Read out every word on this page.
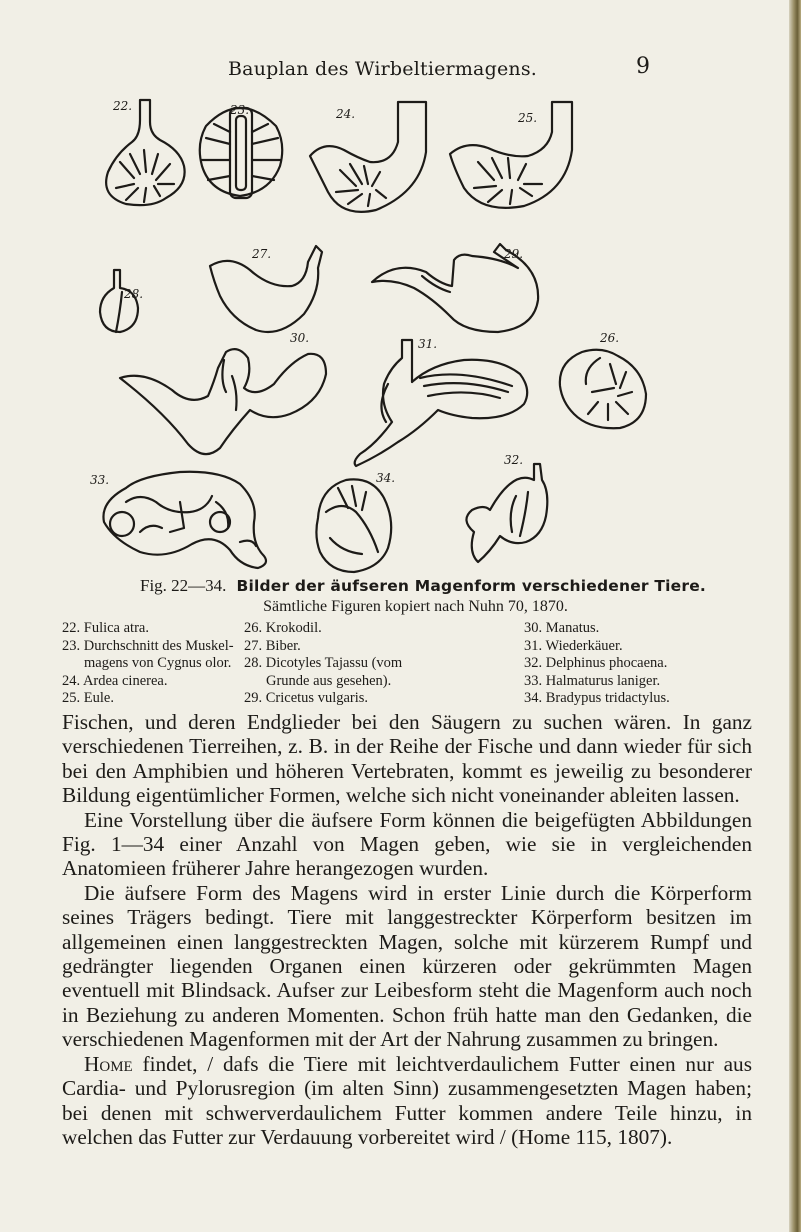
Bauplan des Wirbeltiermagens.	9
22.	23.	24.	25.
28.
27.	29.
30.	31.	26.
33.	34.
32.
Fig. 22—34. Bilder der äufseren Magenform verschiedener Tiere.
Sämtliche Figuren kopiert nach Nuhn 70, 1870.
22. Fulica atra.
23. Durchschnitt des Muskel-
magens von Cygnus olor.
24. Ardea cinerea.
25. Eule.
26. Krokodil.
27. Biber.
28. Dicotyles Tajassu (vom
Grunde aus gesehen).
29. Cricetus vulgaris.
30. Manatus.
31. Wiederkäuer.
32. Delphinus phocaena.
33. Halmaturus laniger.
34. Bradypus tridactylus.

Fischen, und deren Endglieder bei den Säugern zu suchen wären. In ganz verschiedenen Tierreihen, z. B. in der Reihe der Fische und dann wieder für sich bei den Amphibien und höheren Vertebraten, kommt es jeweilig zu besonderer Bildung eigentümlicher Formen, welche sich nicht voneinander ableiten lassen.

Eine Vorstellung über die äufsere Form können die beigefügten Abbildungen Fig. 1—34 einer Anzahl von Magen geben, wie sie in vergleichenden Anatomieen früherer Jahre herangezogen wurden.

Die äufsere Form des Magens wird in erster Linie durch die Körperform seines Trägers bedingt. Tiere mit langgestreckter Körperform besitzen im allgemeinen einen langgestreckten Magen, solche mit kürzerem Rumpf und gedrängter liegenden Organen einen kürzeren oder gekrümmten Magen eventuell mit Blindsack. Aufser zur Leibesform steht die Magenform auch noch in Beziehung zu anderen Momenten. Schon früh hatte man den Gedanken, die verschiedenen Magenformen mit der Art der Nahrung zusammen zu bringen.

Home findet, / dafs die Tiere mit leichtverdaulichem Futter einen nur aus Cardia- und Pylorusregion (im alten Sinn) zusammengesetzten Magen haben; bei denen mit schwerverdaulichem Futter kommen andere Teile hinzu, in welchen das Futter zur Verdauung vorbereitet wird / (Home 115, 1807).
